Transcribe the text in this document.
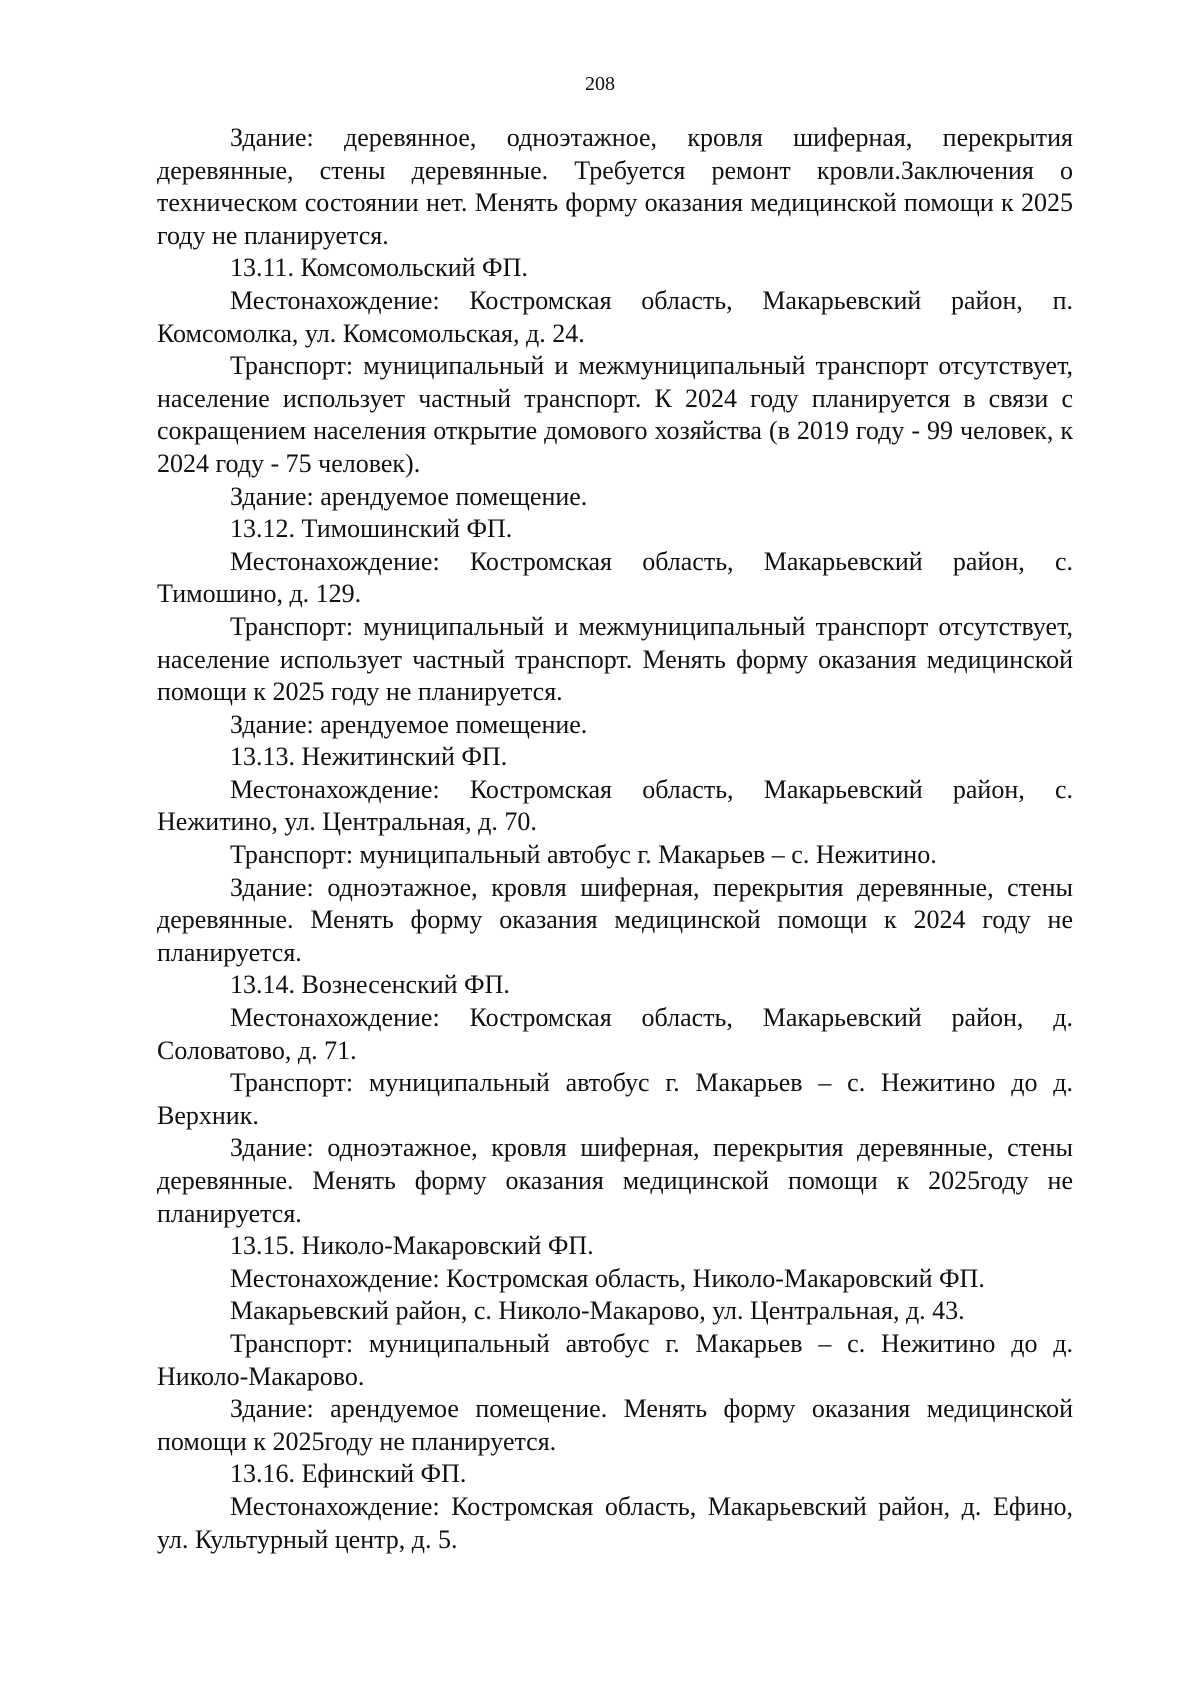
208

Здание: деревянное, одноэтажное, кровля шиферная, перекрытия деревянные, стены деревянные. Требуется ремонт кровли.Заключения о техническом состоянии нет. Менять форму оказания медицинской помощи к 2025 году не планируется.

13.11. Комсомольский ФП.

Местонахождение: Костромская область, Макарьевский район, п. Комсомолка, ул. Комсомольская, д. 24.

Транспорт: муниципальный и межмуниципальный транспорт отсутствует, население использует частный транспорт. К 2024 году планируется в связи с сокращением населения открытие домового хозяйства (в 2019 году - 99 человек, к 2024 году - 75 человек).

Здание: арендуемое помещение.

13.12. Тимошинский ФП.

Местонахождение: Костромская область, Макарьевский район, с. Тимошино, д. 129.

Транспорт: муниципальный и межмуниципальный транспорт отсутствует, население использует частный транспорт. Менять форму оказания медицинской помощи к 2025 году не планируется.

Здание: арендуемое помещение.

13.13. Нежитинский ФП.

Местонахождение: Костромская область, Макарьевский район, с. Нежитино, ул. Центральная, д. 70.

Транспорт: муниципальный автобус г. Макарьев – с. Нежитино.

Здание: одноэтажное, кровля шиферная, перекрытия деревянные, стены деревянные. Менять форму оказания медицинской помощи к 2024 году не планируется.

13.14. Вознесенский ФП.

Местонахождение: Костромская область, Макарьевский район, д. Соловатово, д. 71.

Транспорт: муниципальный автобус г. Макарьев – с. Нежитино до д. Верхник.

Здание: одноэтажное, кровля шиферная, перекрытия деревянные, стены деревянные. Менять форму оказания медицинской помощи к 2025году не планируется.

13.15. Николо-Макаровский ФП.

Местонахождение: Костромская область, Николо-Макаровский ФП.

Макарьевский район, с. Николо-Макарово, ул. Центральная, д. 43.

Транспорт: муниципальный автобус г. Макарьев – с. Нежитино до д. Николо-Макарово.

Здание: арендуемое помещение. Менять форму оказания медицинской помощи к 2025году не планируется.

13.16. Ефинский ФП.

Местонахождение: Костромская область, Макарьевский район, д. Ефино, ул. Культурный центр, д. 5.
